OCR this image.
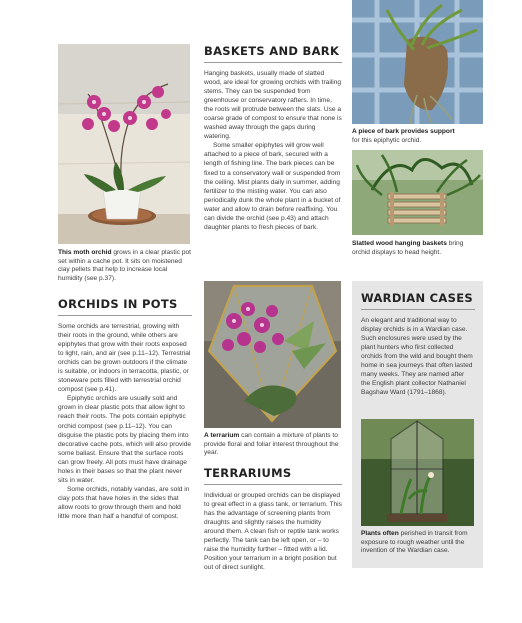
This moth orchid grows in a clear plastic pot set within a cache pot. It sits on moistened clay pellets that help to increase local humidity (see p.37).

ORCHIDS IN POTS

Some orchids are terrestrial, growing with their roots in the ground, while others are epiphytes that grow with their roots exposed to light, rain, and air (see p.11–12). Terrestrial orchids can be grown outdoors if the climate is suitable, or indoors in terracotta, plastic, or stoneware pots filled with terrestrial orchid compost (see p.41).

Epiphytic orchids are usually sold and grown in clear plastic pots that allow light to reach their roots. The pots contain epiphytic orchid compost (see p.11–12). You can disguise the plastic pots by placing them into decorative cache pots, which will also provide some ballast. Ensure that the surface roots can grow freely. All pots must have drainage holes in their bases so that the plant never sits in water.

Some orchids, notably vandas, are sold in clay pots that have holes in the sides that allow roots to grow through them and hold little more than half a handful of compost.

BASKETS AND BARK

Hanging baskets, usually made of slatted wood, are ideal for growing orchids with trailing stems. They can be suspended from greenhouse or conservatory rafters. In time, the roots will protrude between the slats. Use a coarse grade of compost to ensure that none is washed away through the gaps during watering.

Some smaller epiphytes will grow well attached to a piece of bark, secured with a length of fishing line. The bark pieces can be fixed to a conservatory wall or suspended from the ceiling. Mist plants daily in summer, adding fertilizer to the misting water. You can also periodically dunk the whole plant in a bucket of water and allow to drain before reaffixing. You can divide the orchid (see p.43) and attach daughter plants to fresh pieces of bark.

A terrarium can contain a mixture of plants to provide floral and foliar interest throughout the year.

TERRARIUMS

Individual or grouped orchids can be displayed to great effect in a glass tank, or terrarium. This has the advantage of screening plants from draughts and slightly raises the humidity around them. A clean fish or reptile tank works perfectly. The tank can be left open, or – to raise the humidity further – fitted with a lid. Position your terrarium in a bright position but out of direct sunlight.

A piece of bark provides support
for this epiphytic orchid.

Slatted wood hanging baskets bring orchid displays to head height.

WARDIAN CASES

An elegant and traditional way to display orchids is in a Wardian case. Such enclosures were used by the plant hunters who first collected orchids from the wild and bought them home in sea journeys that often lasted many weeks. They are named after the English plant collector Nathaniel Bagshaw Ward (1791–1868).

Plants often perished in transit from exposure to rough weather until the invention of the Wardian case.
